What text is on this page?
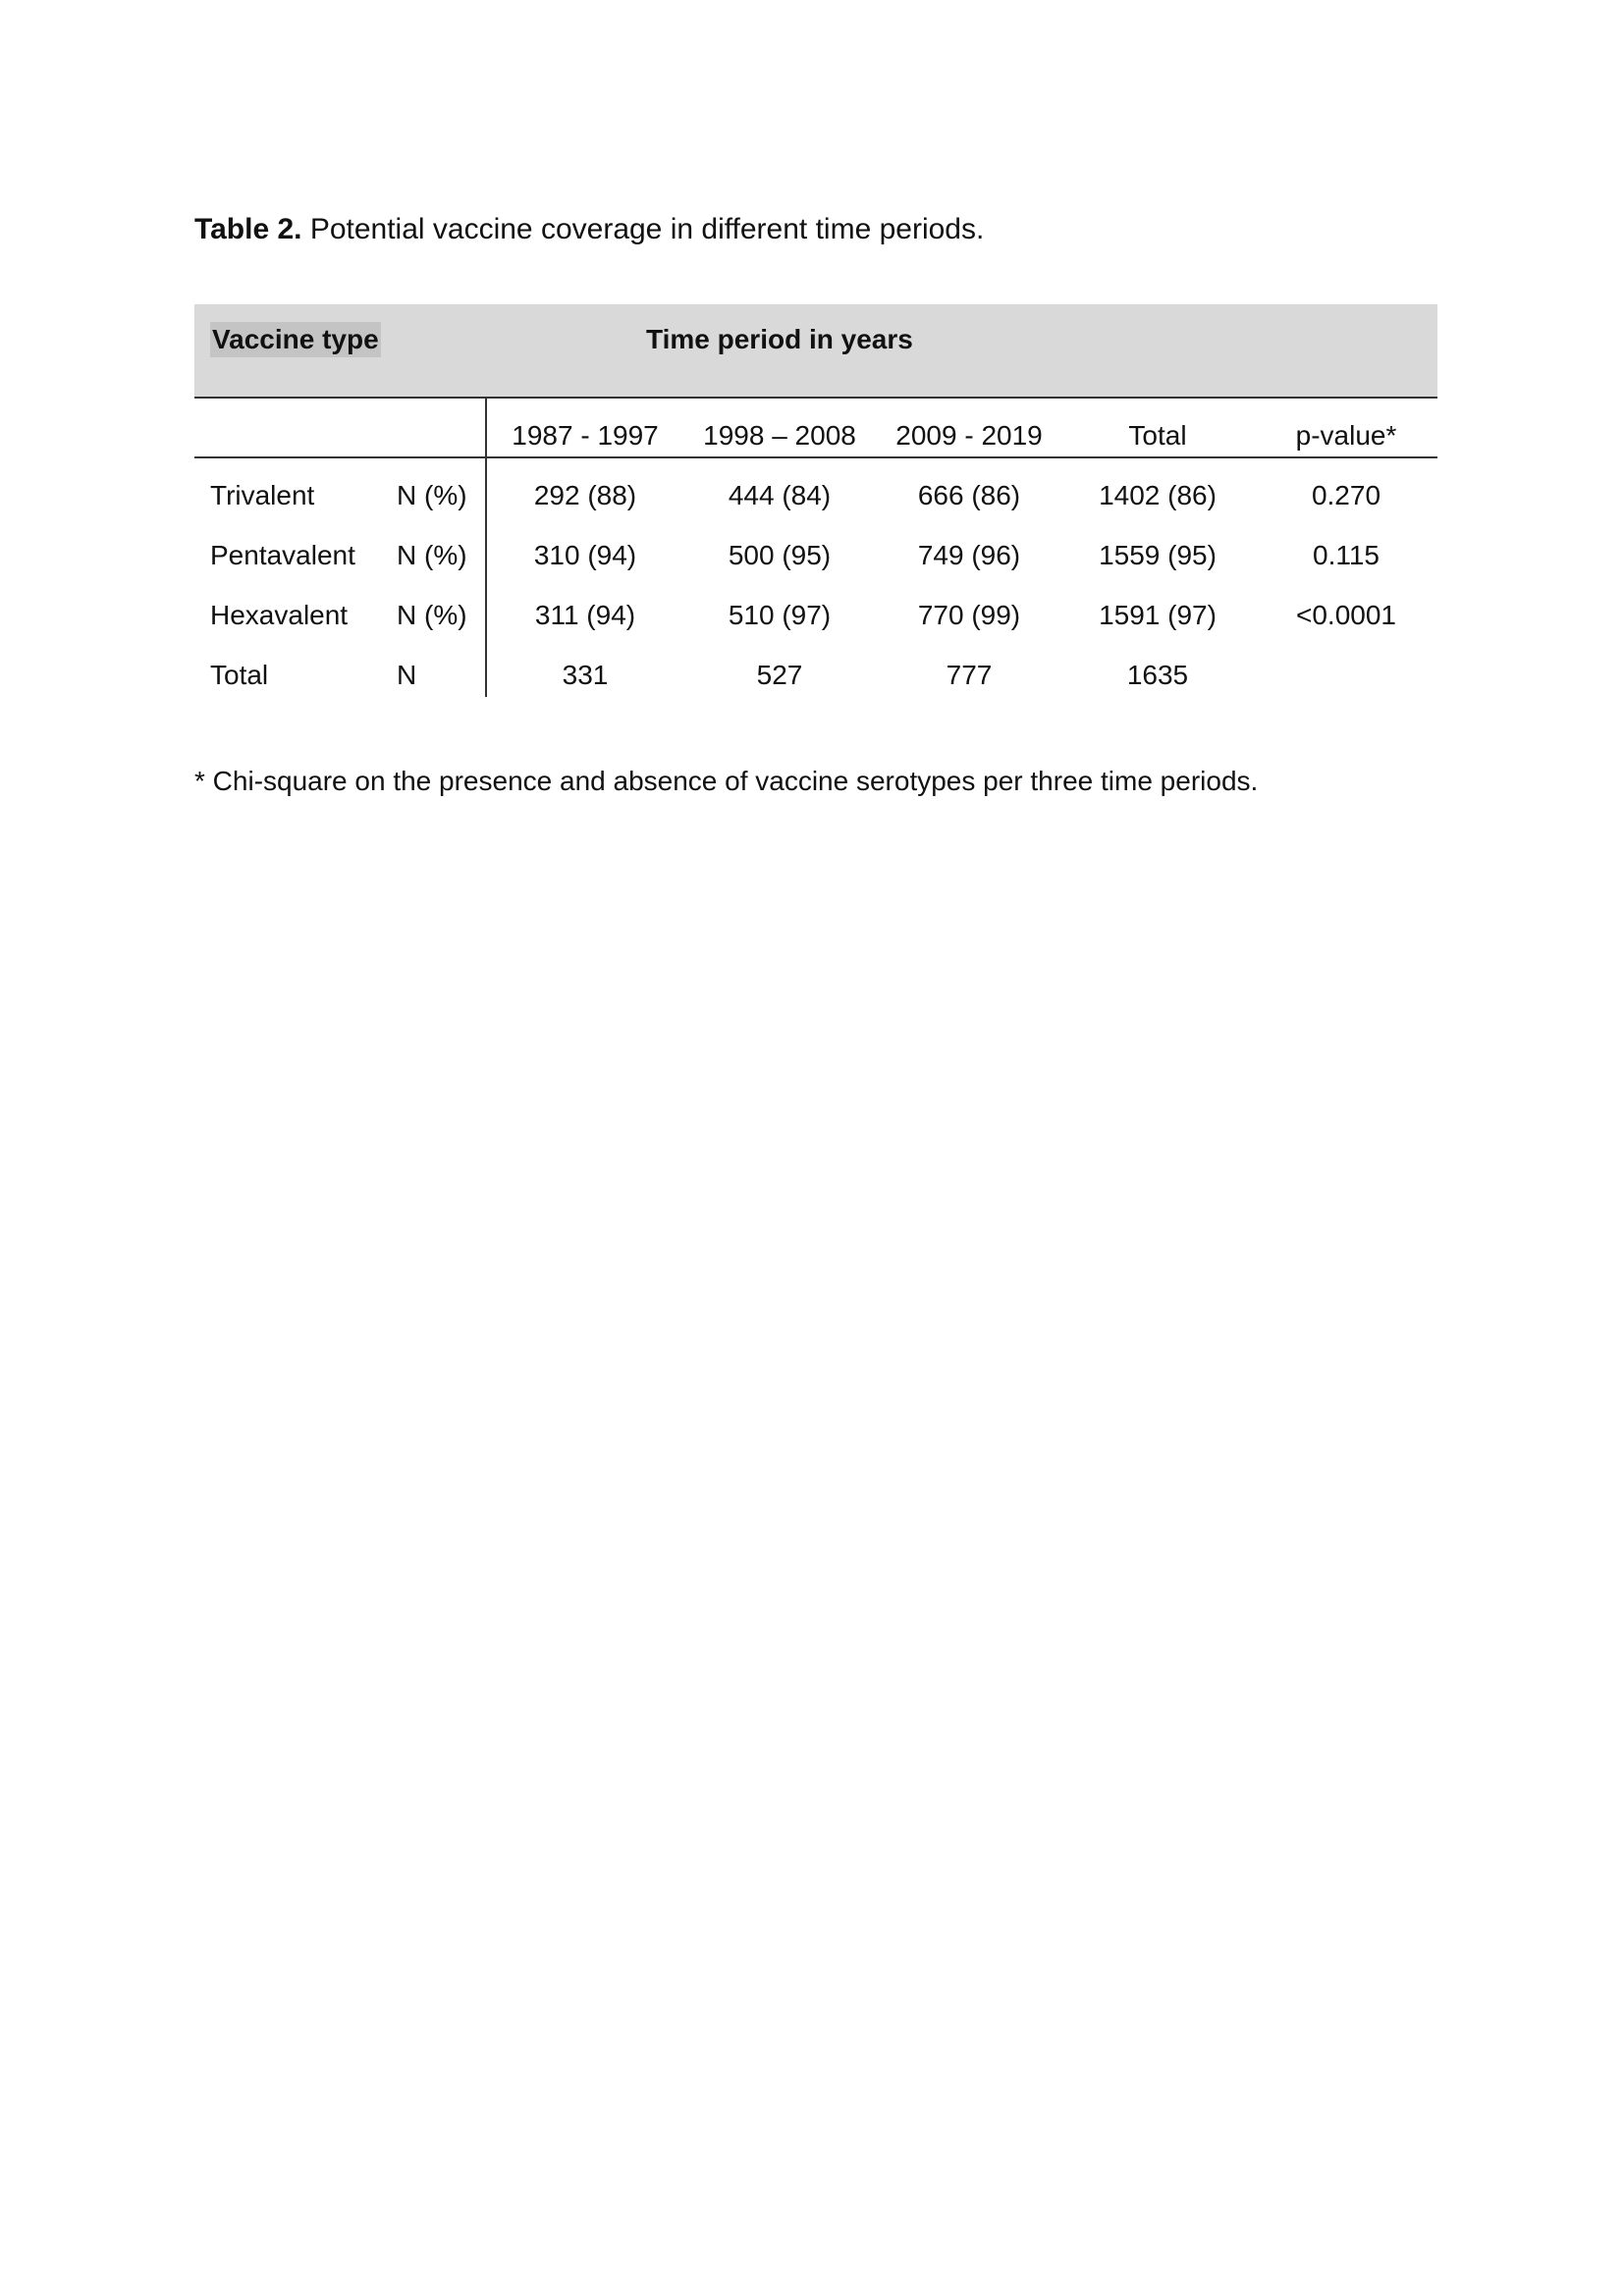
Table 2. Potential vaccine coverage in different time periods.
Vaccine type	Time period in years
1987 - 1997	1998 – 2008	2009 - 2019	Total	p-value*
Trivalent	N (%)	292 (88)	444 (84)	666 (86)	1402 (86)	0.270
Pentavalent	N (%)	310 (94)	500 (95)	749 (96)	1559 (95)	0.115
Hexavalent	N (%)	311 (94)	510 (97)	770 (99)	1591 (97)	<0.0001
Total	N	331	527	777	1635
* Chi-square on the presence and absence of vaccine serotypes per three time periods.
